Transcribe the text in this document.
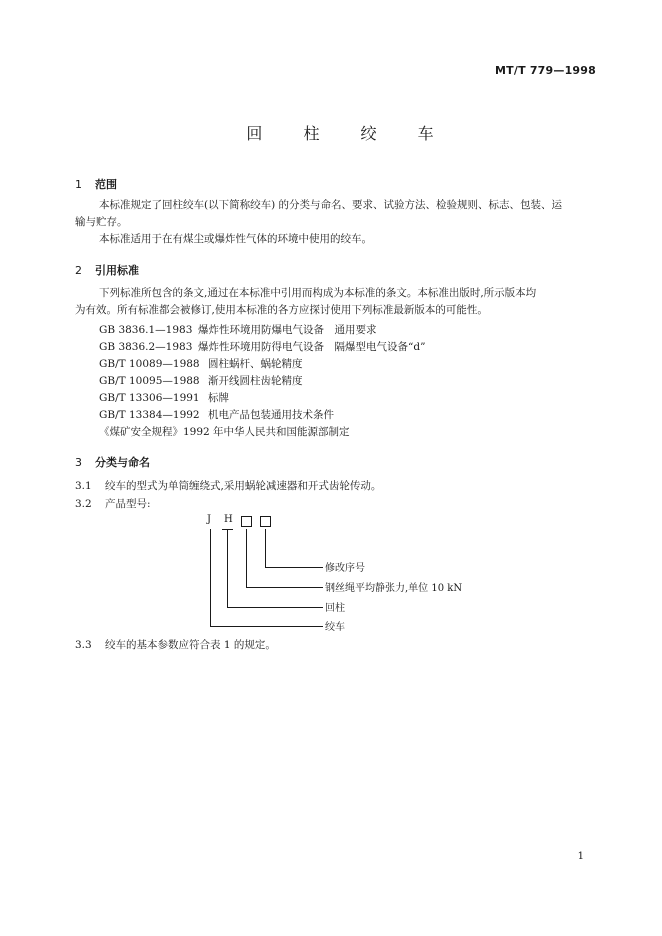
MT/T 779—1998
回 柱 绞 车
1 范围
本标准规定了回柱绞车(以下简称绞车) 的分类与命名、要求、试验方法、检验规则、标志、包装、运
输与贮存。
本标准适用于在有煤尘或爆炸性气体的环境中使用的绞车。
2 引用标准
下列标准所包含的条文,通过在本标准中引用而构成为本标准的条文。本标准出版时,所示版本均
为有效。所有标准都会被修订,使用本标准的各方应探讨使用下列标准最新版本的可能性。
GB 3836.1—1983 爆炸性环境用防爆电气设备　通用要求
GB 3836.2—1983 爆炸性环境用防得电气设备　隔爆型电气设备“d”
GB/T 10089—1988 圆柱蜗杆、蜗轮精度
GB/T 10095—1988 渐开线圆柱齿轮精度
GB/T 13306—1991 标牌
GB/T 13384—1992 机电产品包装通用技术条件
《煤矿安全规程》1992 年中华人民共和国能源部制定
3 分类与命名
3.1 绞车的型式为单筒缠绕式,采用蜗轮减速器和开式齿轮传动。
3.2 产品型号:
J H
修改序号
钢丝绳平均静张力,单位 10 kN
回柱
绞车
3.3 绞车的基本参数应符合表 1 的规定。
1
